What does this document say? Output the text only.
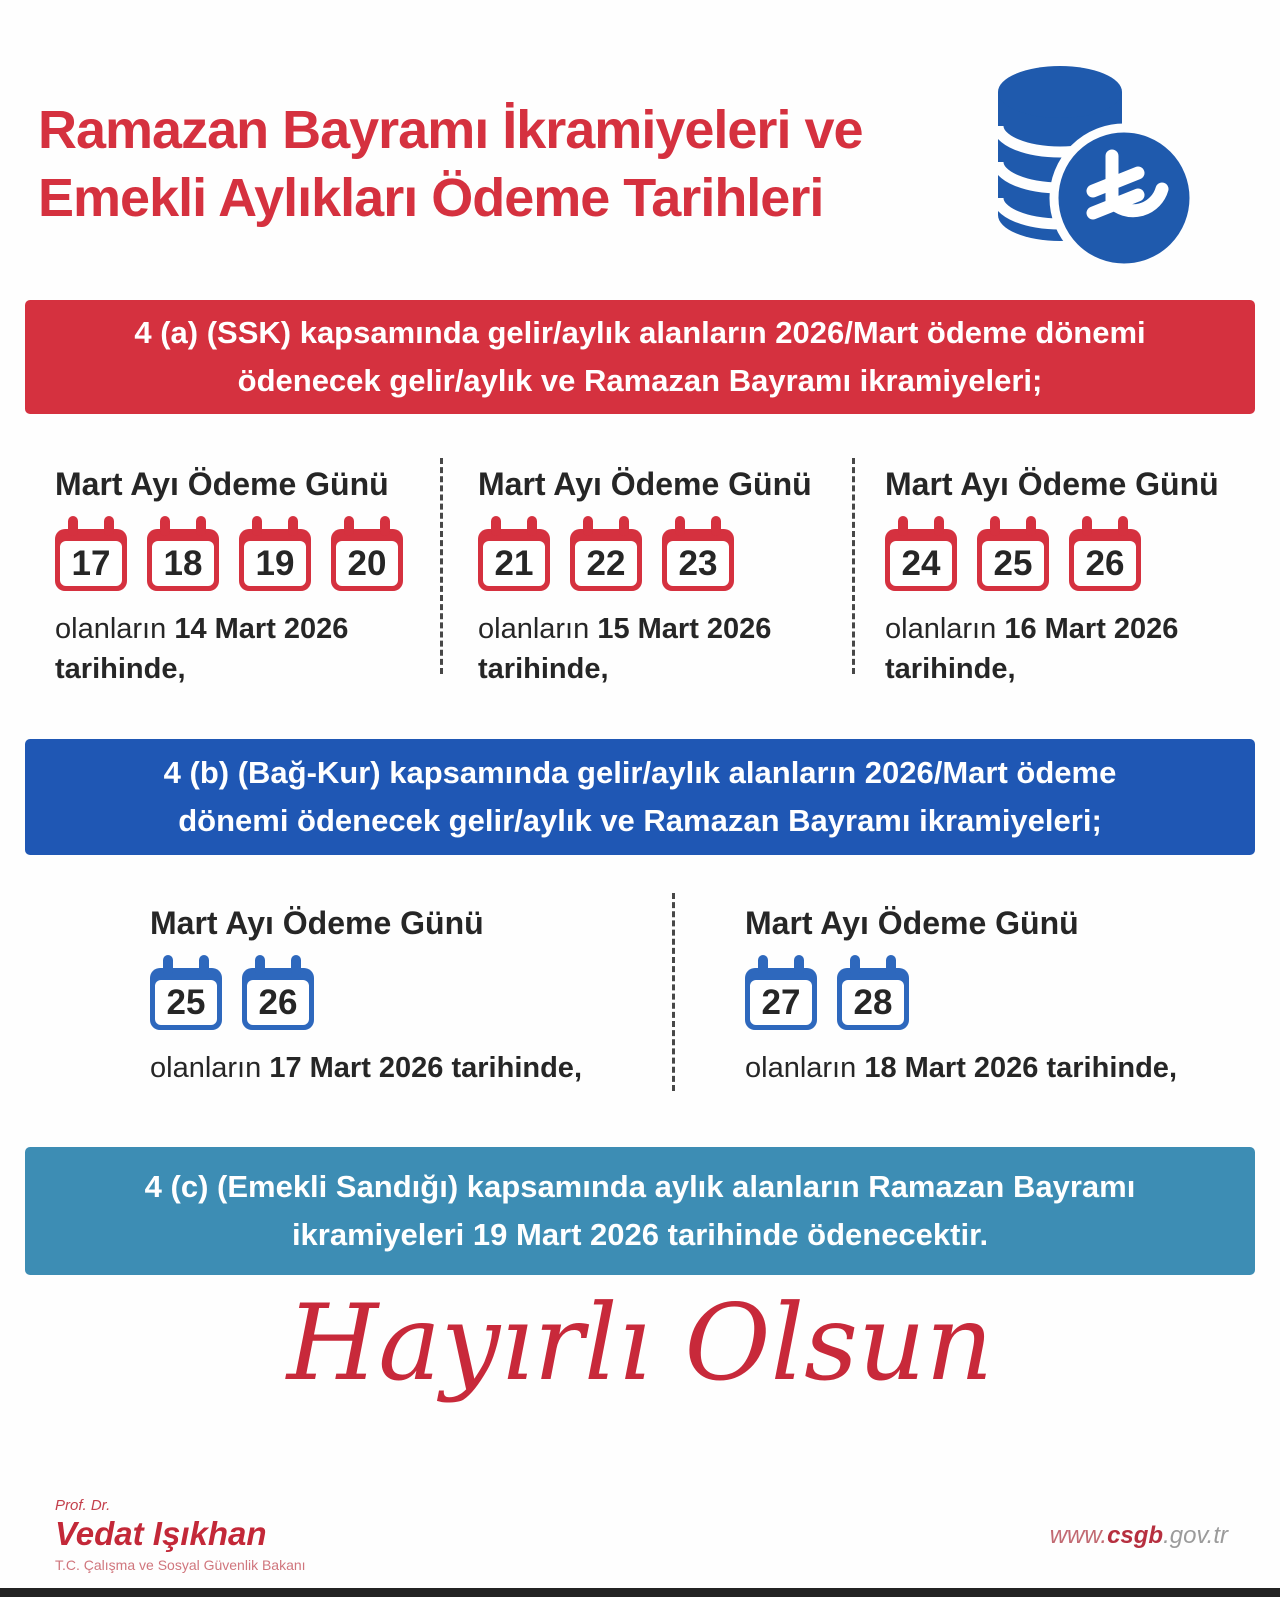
Ramazan Bayramı İkramiyeleri ve
Emekli Aylıkları Ödeme Tarihleri
4 (a) (SSK) kapsamında gelir/aylık alanların 2026/Mart ödeme dönemi ödenecek gelir/aylık ve Ramazan Bayramı ikramiyeleri;
Mart Ayı Ödeme Günü
17	18	19	20
olanların 14 Mart 2026 tarihinde,
Mart Ayı Ödeme Günü
21	22	23
olanların 15 Mart 2026 tarihinde,
Mart Ayı Ödeme Günü
24	25	26
olanların 16 Mart 2026 tarihinde,
4 (b) (Bağ-Kur) kapsamında gelir/aylık alanların 2026/Mart ödeme dönemi ödenecek gelir/aylık ve Ramazan Bayramı ikramiyeleri;
Mart Ayı Ödeme Günü
25	26
olanların 17 Mart 2026 tarihinde,
Mart Ayı Ödeme Günü
27	28
olanların 18 Mart 2026 tarihinde,
4 (c) (Emekli Sandığı) kapsamında aylık alanların Ramazan Bayramı ikramiyeleri 19 Mart 2026 tarihinde ödenecektir.
Hayırlı Olsun
Prof. Dr.
Vedat Işıkhan
T.C. Çalışma ve Sosyal Güvenlik Bakanı
www.csgb.gov.tr
